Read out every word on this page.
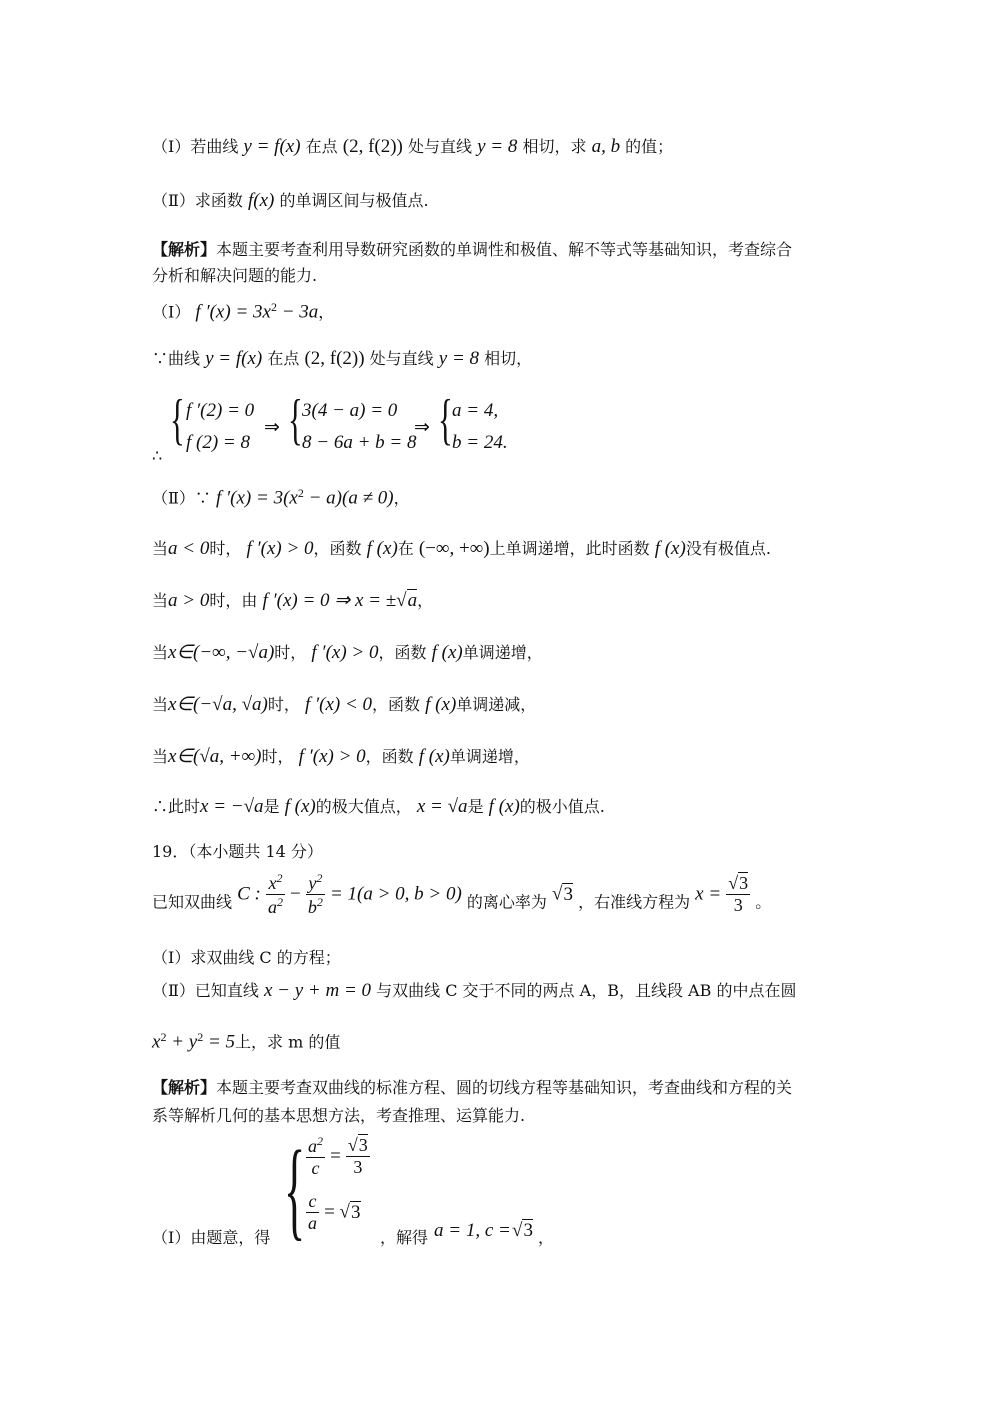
（Ⅰ）若曲线 y = f(x) 在点 (2, f(2)) 处与直线 y = 8 相切，求 a, b 的值；
（Ⅱ）求函数 f(x) 的单调区间与极值点.
【解析】本题主要考查利用导数研究函数的单调性和极值、解不等式等基础知识，考查综合
分析和解决问题的能力.
（Ⅰ） f $'(x) = 3x^2 - 3a$，
∵曲线 y = f(x) 在点 (2, f(2)) 处与直线 y = 8 相切，
∴
{ f ′(2) = 0
f (2) = 8
⇒ { 3(4 − a) = 0
8 − 6a + b = 8
⇒ { a = 4,
b = 24.
（Ⅱ）∵ f $'(x) = 3(x^2 - a)(a \ne 0)$，
当a < 0时， f ′(x) > 0，函数 f (x)在 (−∞, +∞)上单调递增，此时函数 f (x)没有极值点.
当a > 0时，由 f ′(x) = 0 ⇒ x = ±√a，
当x∈(−∞, −√a)时， f ′(x) > 0，函数 f (x)单调递增，
当x∈(−√a, √a)时， f ′(x) < 0，函数 f (x)单调递减，
当x∈(√a, +∞)时， f ′(x) > 0，函数 f (x)单调递增，
∴此时x = −√a是 f (x)的极大值点， x = √a是 f (x)的极小值点.
19．（本小题共 14 分）
已知双曲线 C : $\frac{x^2}{a^2} - \frac{y^2}{b^2} = 1(a > 0$, b > 0) 的离心率为 √3 ，右准线方程为 $x = \frac{√3}{3}$ 。
（Ⅰ）求双曲线 C 的方程；
（Ⅱ）已知直线 x − y + m = 0 与双曲线 C 交于不同的两点 A，B，且线段 AB 的中点在圆
$x^2 + y^2 = 5$上，求 m 的值
【解析】本题主要考查双曲线的标准方程、圆的切线方程等基础知识，考查曲线和方程的关
系等解析几何的基本思想方法，考查推理、运算能力.
（Ⅰ）由题意，得 { $\frac{a^2}{c} = \frac{√3}{3}$
$\frac{c}{a} = √3$
，解得 a = 1, c = √3 ，
